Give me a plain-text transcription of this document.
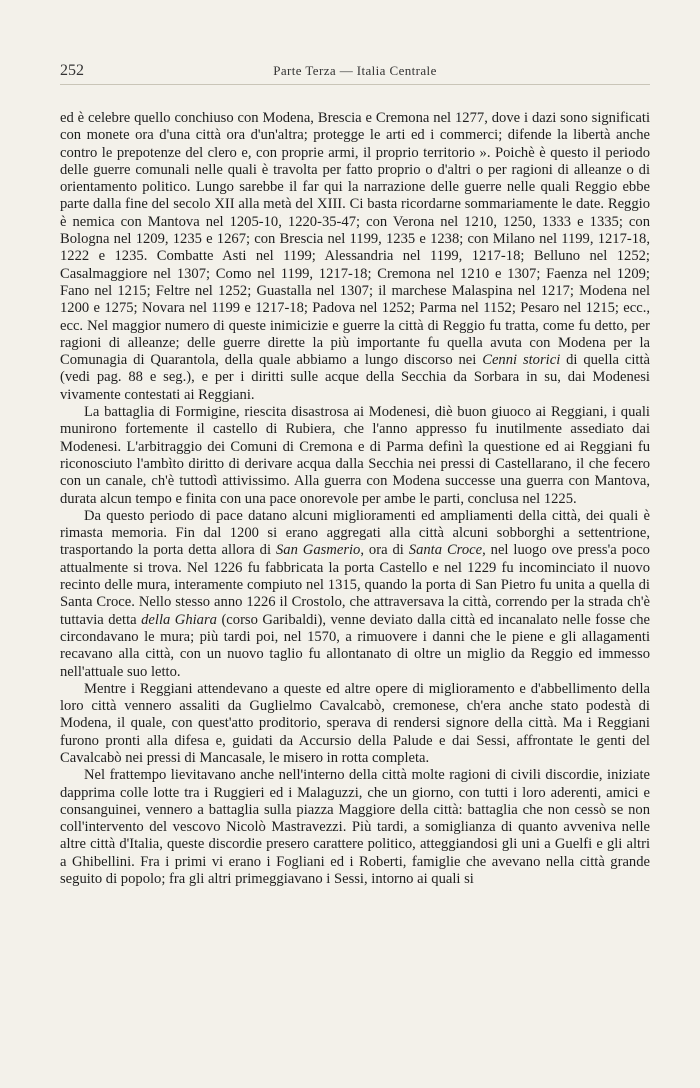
252	Parte Terza — Italia Centrale

ed è celebre quello conchiuso con Modena, Brescia e Cremona nel 1277, dove i dazi sono significati con monete ora d'una città ora d'un'altra; protegge le arti ed i commerci; difende la libertà anche contro le prepotenze del clero e, con proprie armi, il proprio territorio ». Poichè è questo il periodo delle guerre comunali nelle quali è travolta per fatto proprio o d'altri o per ragioni di alleanze o di orientamento politico. Lungo sarebbe il far qui la narrazione delle guerre nelle quali Reggio ebbe parte dalla fine del secolo XII alla metà del XIII. Ci basta ricordarne sommariamente le date. Reggio è nemica con Mantova nel 1205-10, 1220-35-47; con Verona nel 1210, 1250, 1333 e 1335; con Bologna nel 1209, 1235 e 1267; con Brescia nel 1199, 1235 e 1238; con Milano nel 1199, 1217-18, 1222 e 1235. Combatte Asti nel 1199; Alessandria nel 1199, 1217-18; Belluno nel 1252; Casalmaggiore nel 1307; Como nel 1199, 1217-18; Cremona nel 1210 e 1307; Faenza nel 1209; Fano nel 1215; Feltre nel 1252; Guastalla nel 1307; il marchese Malaspina nel 1217; Modena nel 1200 e 1275; Novara nel 1199 e 1217-18; Padova nel 1252; Parma nel 1152; Pesaro nel 1215; ecc., ecc. Nel maggior numero di queste inimicizie e guerre la città di Reggio fu tratta, come fu detto, per ragioni di alleanze; delle guerre dirette la più importante fu quella avuta con Modena per la Comunagia di Quarantola, della quale abbiamo a lungo discorso nei Cenni storici di quella città (vedi pag. 88 e seg.), e per i diritti sulle acque della Secchia da Sorbara in su, dai Modenesi vivamente contestati ai Reggiani.

La battaglia di Formigine, riescita disastrosa ai Modenesi, diè buon giuoco ai Reggiani, i quali munirono fortemente il castello di Rubiera, che l'anno appresso fu inutilmente assediato dai Modenesi. L'arbitraggio dei Comuni di Cremona e di Parma definì la questione ed ai Reggiani fu riconosciuto l'ambìto diritto di derivare acqua dalla Secchia nei pressi di Castellarano, il che fecero con un canale, ch'è tuttodì attivissimo. Alla guerra con Modena successe una guerra con Mantova, durata alcun tempo e finita con una pace onorevole per ambe le parti, conclusa nel 1225.

Da questo periodo di pace datano alcuni miglioramenti ed ampliamenti della città, dei quali è rimasta memoria. Fin dal 1200 si erano aggregati alla città alcuni sobborghi a settentrione, trasportando la porta detta allora di San Gasmerio, ora di Santa Croce, nel luogo ove press'a poco attualmente si trova. Nel 1226 fu fabbricata la porta Castello e nel 1229 fu incominciato il nuovo recinto delle mura, interamente compiuto nel 1315, quando la porta di San Pietro fu unita a quella di Santa Croce. Nello stesso anno 1226 il Crostolo, che attraversava la città, correndo per la strada ch'è tuttavia detta della Ghiara (corso Garibaldi), venne deviato dalla città ed incanalato nelle fosse che circondavano le mura; più tardi poi, nel 1570, a rimuovere i danni che le piene e gli allagamenti recavano alla città, con un nuovo taglio fu allontanato di oltre un miglio da Reggio ed immesso nell'attuale suo letto.

Mentre i Reggiani attendevano a queste ed altre opere di miglioramento e d'abbellimento della loro città vennero assaliti da Guglielmo Cavalcabò, cremonese, ch'era anche stato podestà di Modena, il quale, con quest'atto proditorio, sperava di rendersi signore della città. Ma i Reggiani furono pronti alla difesa e, guidati da Accursio della Palude e dai Sessi, affrontate le genti del Cavalcabò nei pressi di Mancasale, le misero in rotta completa.

Nel frattempo lievitavano anche nell'interno della città molte ragioni di civili discordie, iniziate dapprima colle lotte tra i Ruggieri ed i Malaguzzi, che un giorno, con tutti i loro aderenti, amici e consanguinei, vennero a battaglia sulla piazza Maggiore della città: battaglia che non cessò se non coll'intervento del vescovo Nicolò Mastravezzi. Più tardi, a somiglianza di quanto avveniva nelle altre città d'Italia, queste discordie presero carattere politico, atteggiandosi gli uni a Guelfi e gli altri a Ghibellini. Fra i primi vi erano i Fogliani ed i Roberti, famiglie che avevano nella città grande seguito di popolo; fra gli altri primeggiavano i Sessi, intorno ai quali si
